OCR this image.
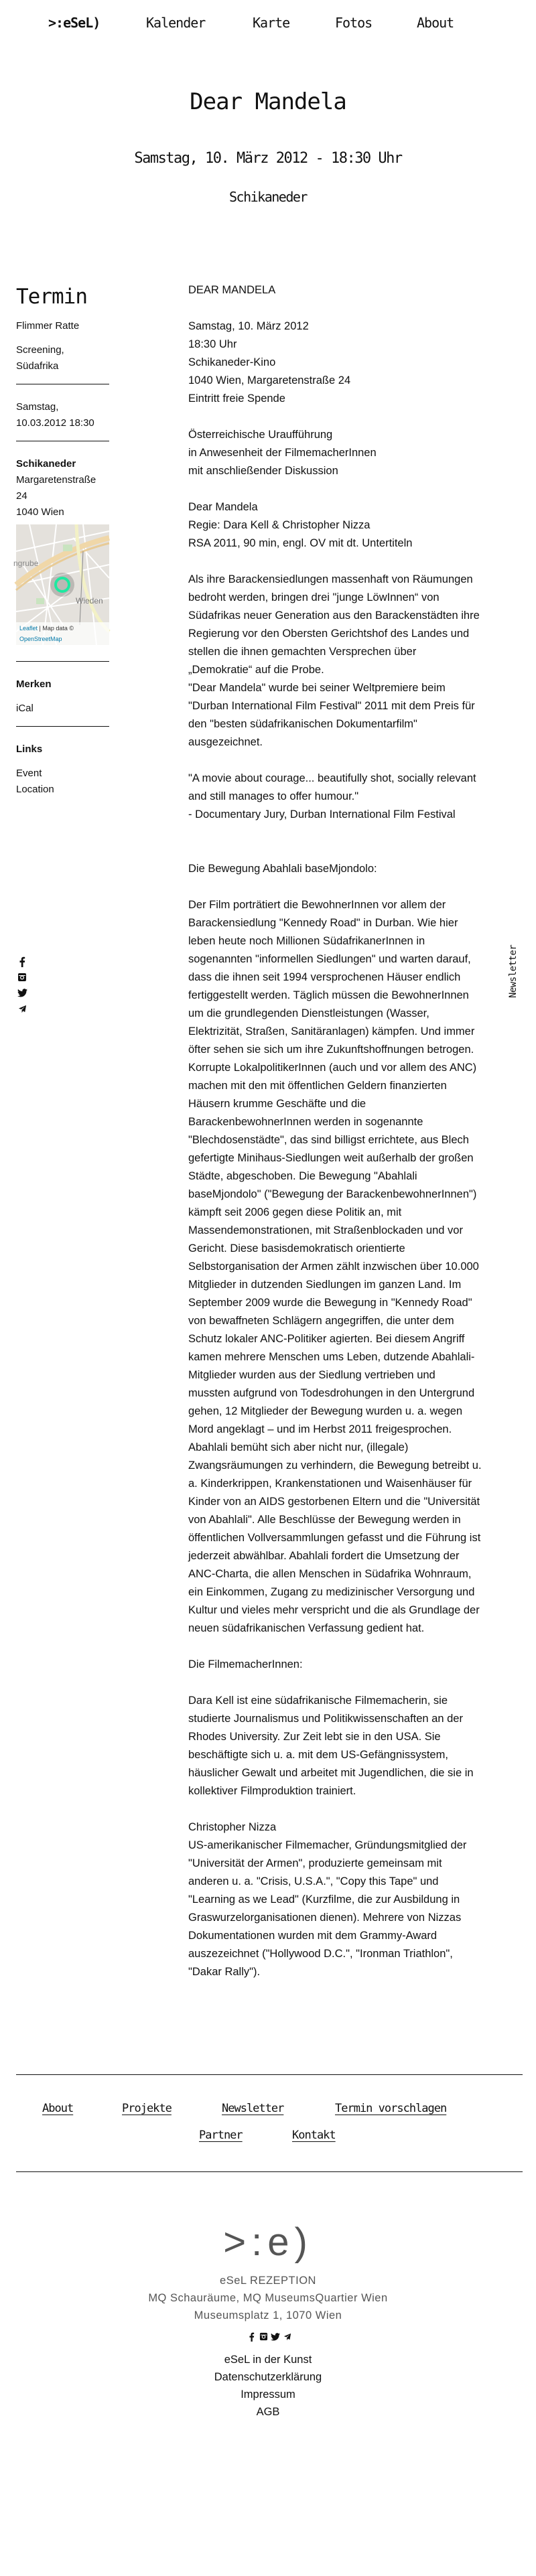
>:eSeL)	Kalender	Karte	Fotos	About
Dear Mandela
Samstag, 10. März 2012 - 18:30 Uhr
Schikaneder
Termin

Flimmer Ratte

Screening,
Südafrika

Samstag,
10.03.2012 18:30

Schikaneder
Margaretenstraße
24
1040 Wien

ngrube
Wieden
Leaflet | Map data ©
OpenStreetMap

Merken

iCal

Links

Event
Location

DEAR MANDELA
Samstag, 10. März 2012
18:30 Uhr
Schikaneder-Kino
1040 Wien, Margaretenstraße 24
Eintritt freie Spende
Österreichische Uraufführung
in Anwesenheit der FilmemacherInnen
mit anschließender Diskussion
Dear Mandela
Regie: Dara Kell & Christopher Nizza
RSA 2011, 90 min, engl. OV mit dt. Untertiteln
Als ihre Barackensiedlungen massenhaft von Räumungen
bedroht werden, bringen drei "junge LöwInnen“ von
Südafrikas neuer Generation aus den Barackenstädten ihre
Regierung vor den Obersten Gerichtshof des Landes und
stellen die ihnen gemachten Versprechen über
„Demokratie“ auf die Probe.
"Dear Mandela" wurde bei seiner Weltpremiere beim
"Durban International Film Festival" 2011 mit dem Preis für
den "besten südafrikanischen Dokumentarfilm"
ausgezeichnet.
"A movie about courage... beautifully shot, socially relevant
and still manages to offer humour."
- Documentary Jury, Durban International Film Festival
Die Bewegung Abahlali baseMjondolo:
Der Film porträtiert die BewohnerInnen vor allem der
Barackensiedlung "Kennedy Road" in Durban. Wie hier
leben heute noch Millionen SüdafrikanerInnen in
sogenannten "informellen Siedlungen" und warten darauf,
dass die ihnen seit 1994 versprochenen Häuser endlich
fertiggestellt werden. Täglich müssen die BewohnerInnen
um die grundlegenden Dienstleistungen (Wasser,
Elektrizität, Straßen, Sanitäranlagen) kämpfen. Und immer
öfter sehen sie sich um ihre Zukunftshoffnungen betrogen.
Korrupte LokalpolitikerInnen (auch und vor allem des ANC)
machen mit den mit öffentlichen Geldern finanzierten
Häusern krumme Geschäfte und die
BarackenbewohnerInnen werden in sogenannte
"Blechdosenstädte", das sind billigst errichtete, aus Blech
gefertigte Minihaus-Siedlungen weit außerhalb der großen
Städte, abgeschoben. Die Bewegung "Abahlali
baseMjondolo" ("Bewegung der BarackenbewohnerInnen")
kämpft seit 2006 gegen diese Politik an, mit
Massendemonstrationen, mit Straßenblockaden und vor
Gericht. Diese basisdemokratisch orientierte
Selbstorganisation der Armen zählt inzwischen über 10.000
Mitglieder in dutzenden Siedlungen im ganzen Land. Im
September 2009 wurde die Bewegung in "Kennedy Road"
von bewaffneten Schlägern angegriffen, die unter dem
Schutz lokaler ANC-Politiker agierten. Bei diesem Angriff
kamen mehrere Menschen ums Leben, dutzende Abahlali-
Mitglieder wurden aus der Siedlung vertrieben und
mussten aufgrund von Todesdrohungen in den Untergrund
gehen, 12 Mitglieder der Bewegung wurden u. a. wegen
Mord angeklagt – und im Herbst 2011 freigesprochen.
Abahlali bemüht sich aber nicht nur, (illegale)
Zwangsräumungen zu verhindern, die Bewegung betreibt u.
a. Kinderkrippen, Krankenstationen und Waisenhäuser für
Kinder von an AIDS gestorbenen Eltern und die "Universität
von Abahlali". Alle Beschlüsse der Bewegung werden in
öffentlichen Vollversammlungen gefasst und die Führung ist
jederzeit abwählbar. Abahlali fordert die Umsetzung der
ANC-Charta, die allen Menschen in Südafrika Wohnraum,
ein Einkommen, Zugang zu medizinischer Versorgung und
Kultur und vieles mehr verspricht und die als Grundlage der
neuen südafrikanischen Verfassung gedient hat.
Die FilmemacherInnen:
Dara Kell ist eine südafrikanische Filmemacherin, sie
studierte Journalismus und Politikwissenschaften an der
Rhodes University. Zur Zeit lebt sie in den USA. Sie
beschäftigte sich u. a. mit dem US-Gefängnissystem,
häuslicher Gewalt und arbeitet mit Jugendlichen, die sie in
kollektiver Filmproduktion trainiert.
Christopher Nizza
US-amerikanischer Filmemacher, Gründungsmitglied der
"Universität der Armen", produzierte gemeinsam mit
anderen u. a. "Crisis, U.S.A.", "Copy this Tape" und
"Learning as we Lead" (Kurzfilme, die zur Ausbildung in
Graswurzelorganisationen dienen). Mehrere von Nizzas
Dokumentationen wurden mit dem Grammy-Award
auszezeichnet ("Hollywood D.C.", "Ironman Triathlon",
"Dakar Rally").
Newsletter
About	Projekte	Newsletter	Termin vorschlagen
Partner	Kontakt
>:e)
eSeL REZEPTION
MQ Schauräume, MQ MuseumsQuartier Wien
Museumsplatz 1, 1070 Wien
eSeL in der Kunst
Datenschutzerklärung
Impressum
AGB
